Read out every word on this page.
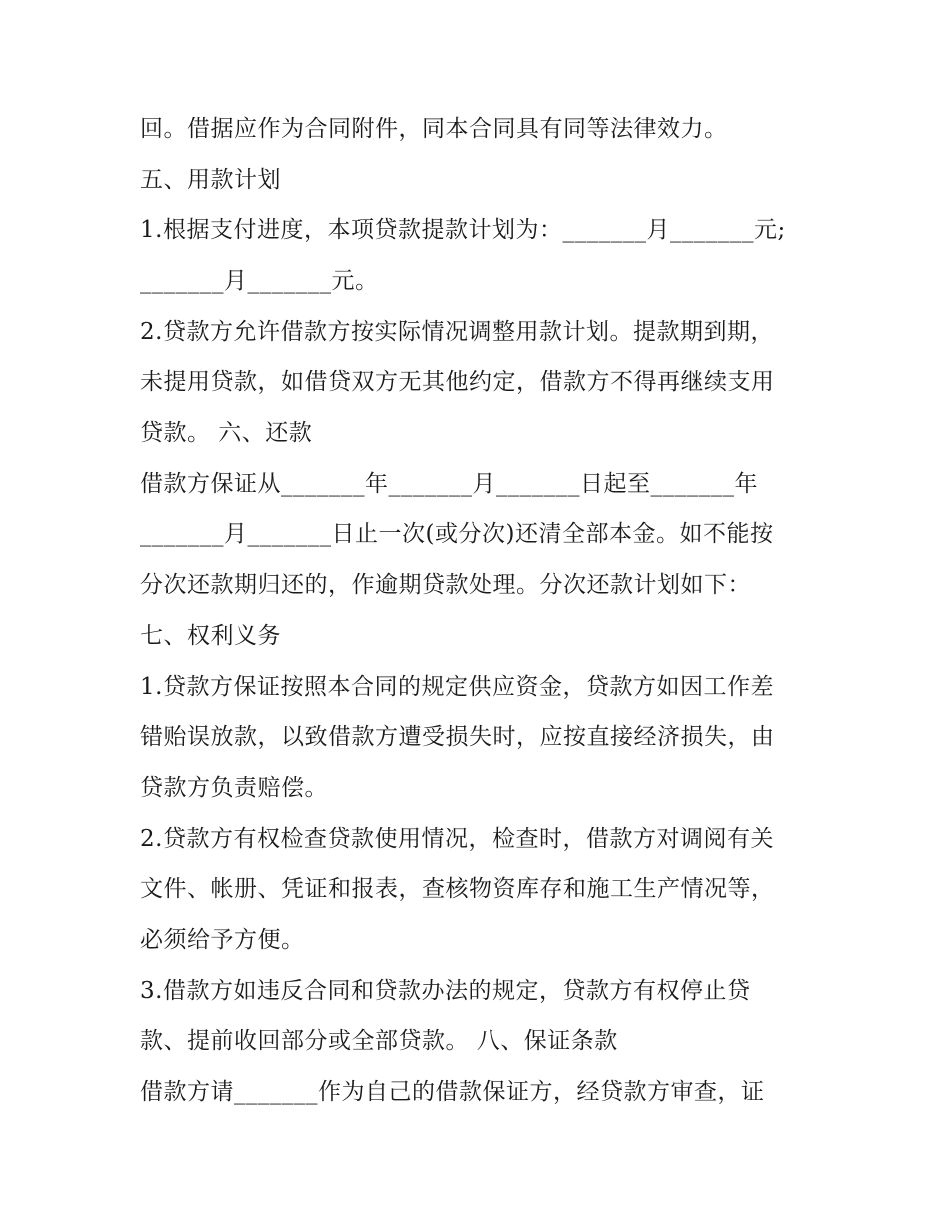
回。借据应作为合同附件，同本合同具有同等法律效力。
五、用款计划
1.根据支付进度，本项贷款提款计划为：_______月_______元;
_______月_______元。
2.贷款方允许借款方按实际情况调整用款计划。提款期到期，
未提用贷款，如借贷双方无其他约定，借款方不得再继续支用
贷款。 六、还款
借款方保证从_______年_______月_______日起至_______年
_______月_______日止一次(或分次)还清全部本金。如不能按
分次还款期归还的，作逾期贷款处理。分次还款计划如下：
七、权利义务
1.贷款方保证按照本合同的规定供应资金，贷款方如因工作差
错贻误放款，以致借款方遭受损失时，应按直接经济损失，由
贷款方负责赔偿。
2.贷款方有权检查贷款使用情况，检查时，借款方对调阅有关
文件、帐册、凭证和报表，查核物资库存和施工生产情况等，
必须给予方便。
3.借款方如违反合同和贷款办法的规定，贷款方有权停止贷
款、提前收回部分或全部贷款。 八、保证条款
借款方请_______作为自己的借款保证方，经贷款方审查，证
